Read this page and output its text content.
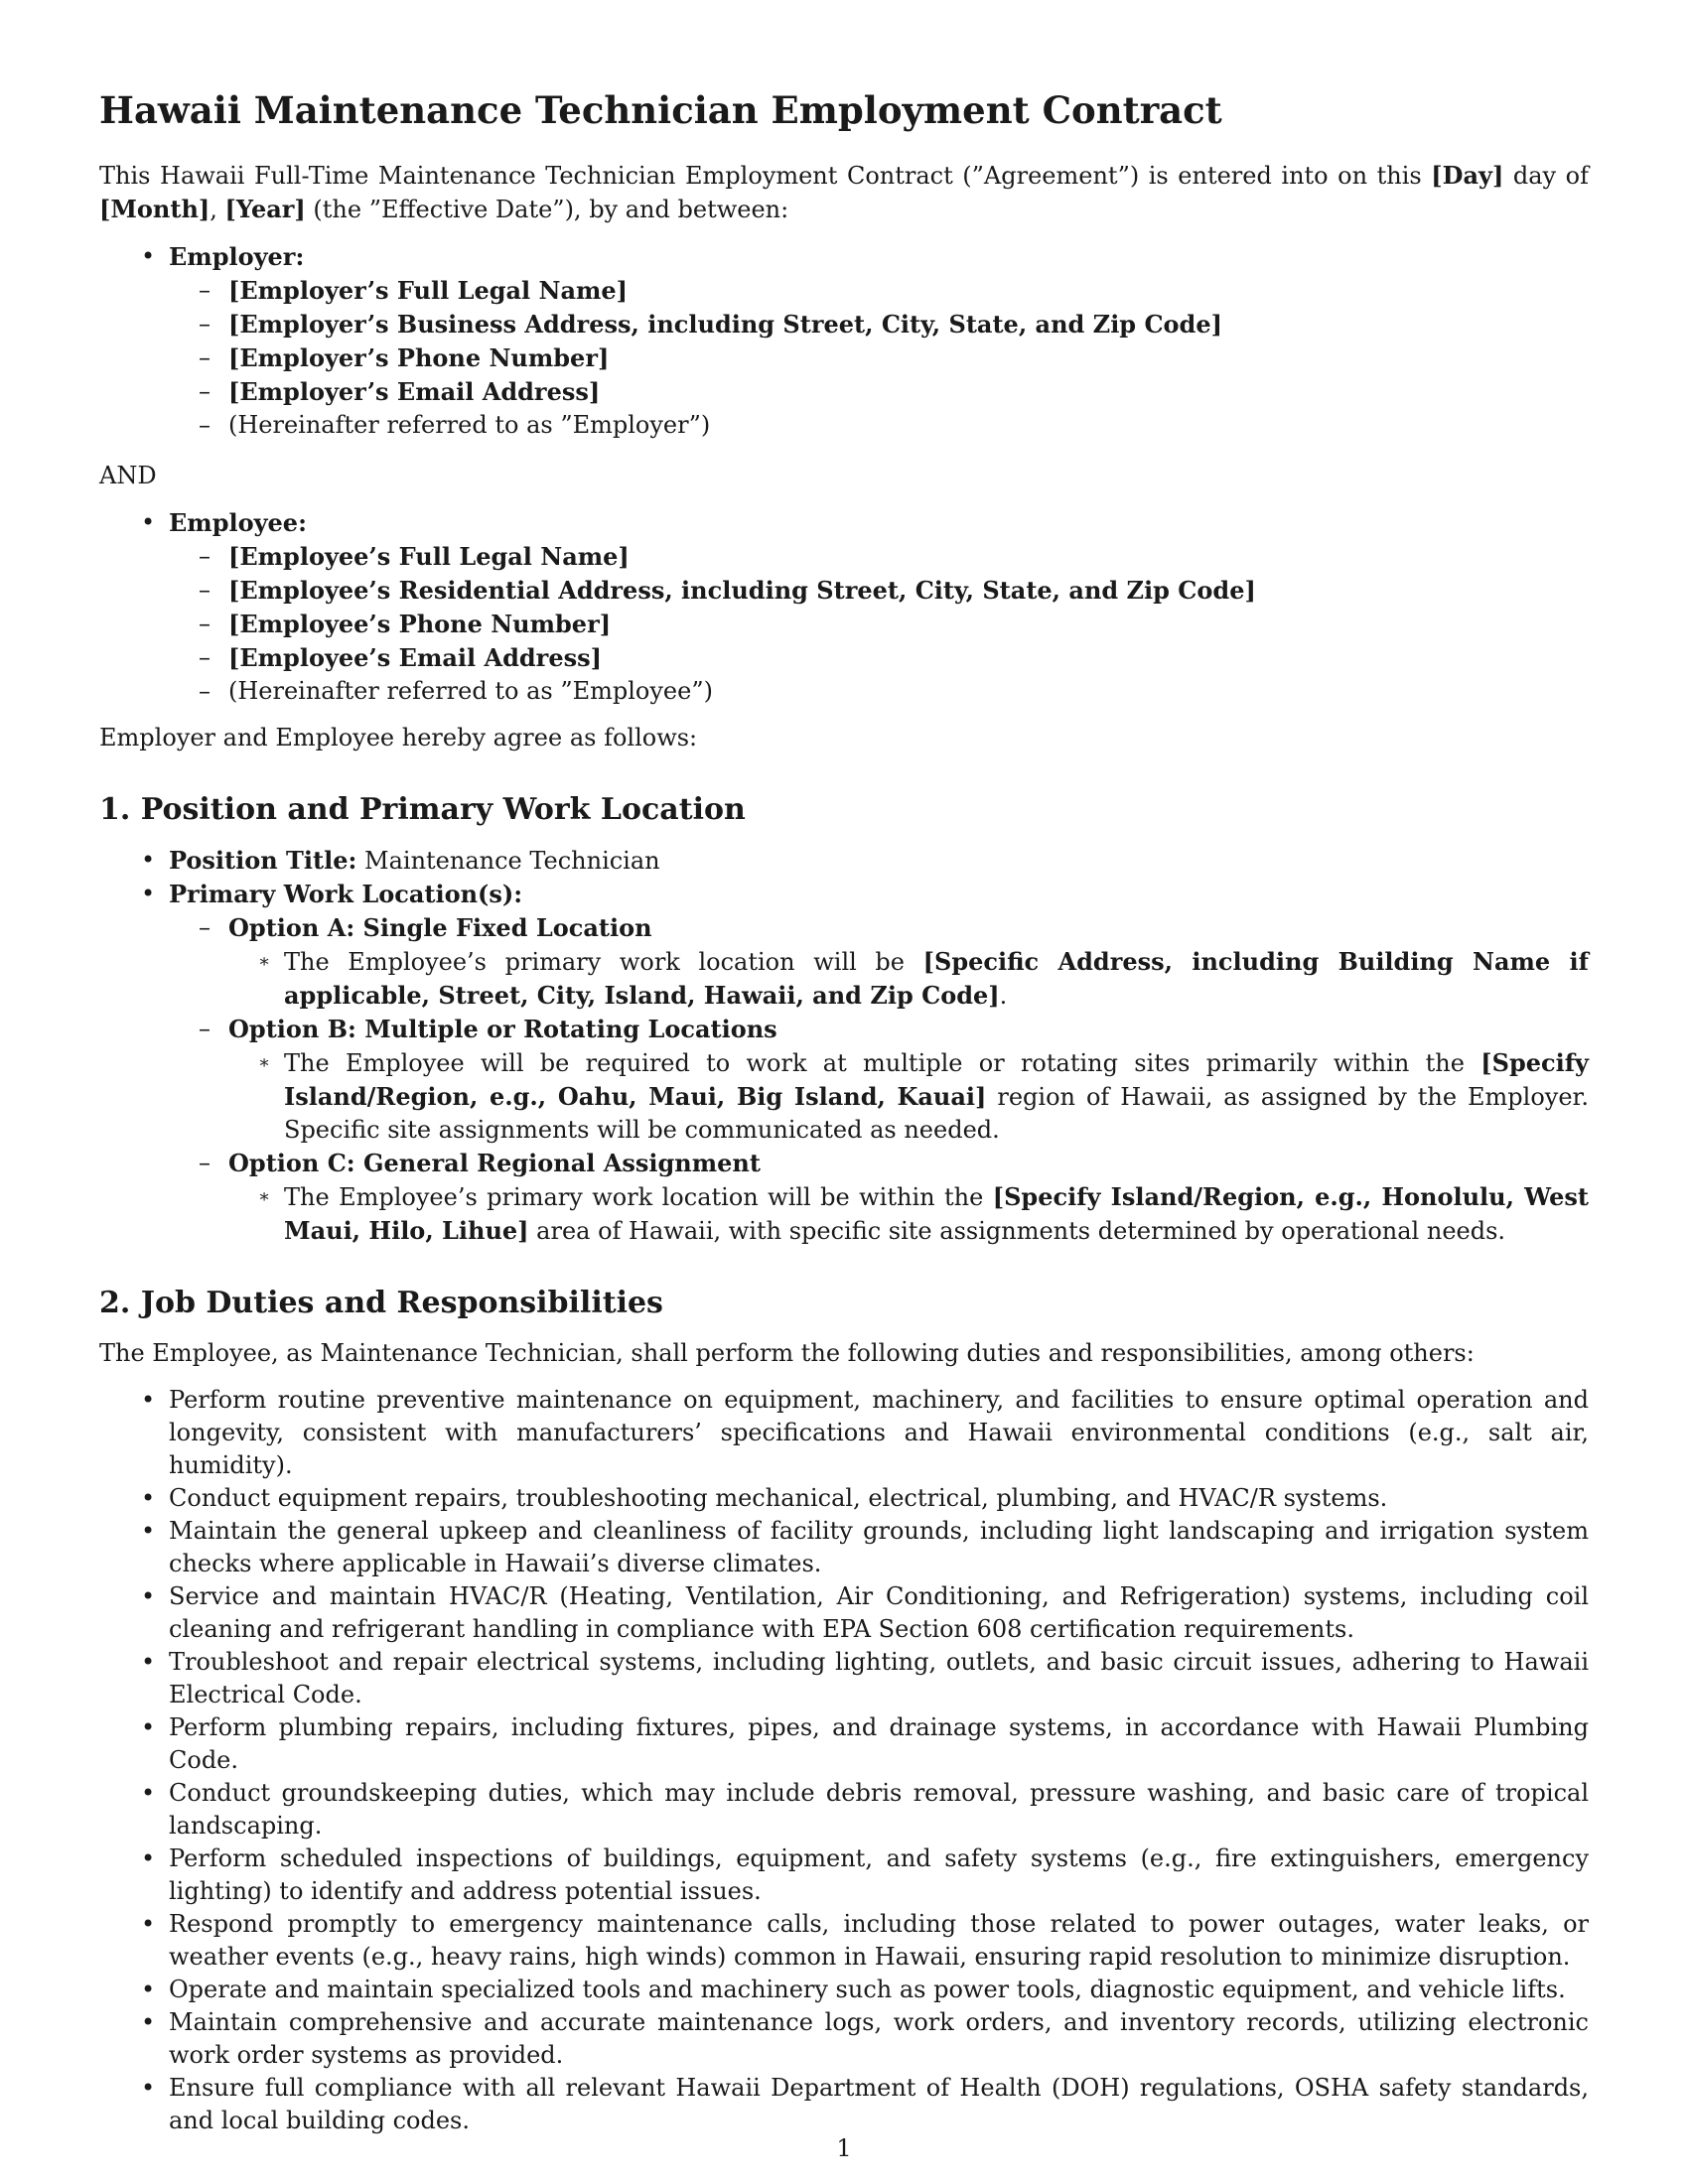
Hawaii Maintenance Technician Employment Contract

This Hawaii Full-Time Maintenance Technician Employment Contract (”Agreement”) is entered into on this [Day] day of [Month], [Year] (the ”Effective Date”), by and between:

• Employer:
– [Employer’s Full Legal Name]
– [Employer’s Business Address, including Street, City, State, and Zip Code]
– [Employer’s Phone Number]
– [Employer’s Email Address]
– (Hereinafter referred to as ”Employer”)

AND

• Employee:
– [Employee’s Full Legal Name]
– [Employee’s Residential Address, including Street, City, State, and Zip Code]
– [Employee’s Phone Number]
– [Employee’s Email Address]
– (Hereinafter referred to as ”Employee”)

Employer and Employee hereby agree as follows:

1. Position and Primary Work Location
• Position Title: Maintenance Technician
• Primary Work Location(s):
– Option A: Single Fixed Location
∗ The Employee’s primary work location will be [Specific Address, including Building Name if applicable, Street, City, Island, Hawaii, and Zip Code].
– Option B: Multiple or Rotating Locations
∗ The Employee will be required to work at multiple or rotating sites primarily within the [Specify Island/Region, e.g., Oahu, Maui, Big Island, Kauai] region of Hawaii, as assigned by the Employer. Specific site assignments will be communicated as needed.
– Option C: General Regional Assignment
∗ The Employee’s primary work location will be within the [Specify Island/Region, e.g., Honolulu, West Maui, Hilo, Lihue] area of Hawaii, with specific site assignments determined by operational needs.
2. Job Duties and Responsibilities

The Employee, as Maintenance Technician, shall perform the following duties and responsibilities, among others:

• Perform routine preventive maintenance on equipment, machinery, and facilities to ensure optimal operation and longevity, consistent with manufacturers’ specifications and Hawaii environmental conditions (e.g., salt air, humidity).
• Conduct equipment repairs, troubleshooting mechanical, electrical, plumbing, and HVAC/R systems.
• Maintain the general upkeep and cleanliness of facility grounds, including light landscaping and irrigation system checks where applicable in Hawaii’s diverse climates.
• Service and maintain HVAC/R (Heating, Ventilation, Air Conditioning, and Refrigeration) systems, including coil cleaning and refrigerant handling in compliance with EPA Section 608 certification requirements.
• Troubleshoot and repair electrical systems, including lighting, outlets, and basic circuit issues, adhering to Hawaii Electrical Code.
• Perform plumbing repairs, including fixtures, pipes, and drainage systems, in accordance with Hawaii Plumbing Code.
• Conduct groundskeeping duties, which may include debris removal, pressure washing, and basic care of tropical landscaping.
• Perform scheduled inspections of buildings, equipment, and safety systems (e.g., fire extinguishers, emergency lighting) to identify and address potential issues.
• Respond promptly to emergency maintenance calls, including those related to power outages, water leaks, or weather events (e.g., heavy rains, high winds) common in Hawaii, ensuring rapid resolution to minimize disruption.
• Operate and maintain specialized tools and machinery such as power tools, diagnostic equipment, and vehicle lifts.
• Maintain comprehensive and accurate maintenance logs, work orders, and inventory records, utilizing electronic work order systems as provided.
• Ensure full compliance with all relevant Hawaii Department of Health (DOH) regulations, OSHA safety standards, and local building codes.
1
